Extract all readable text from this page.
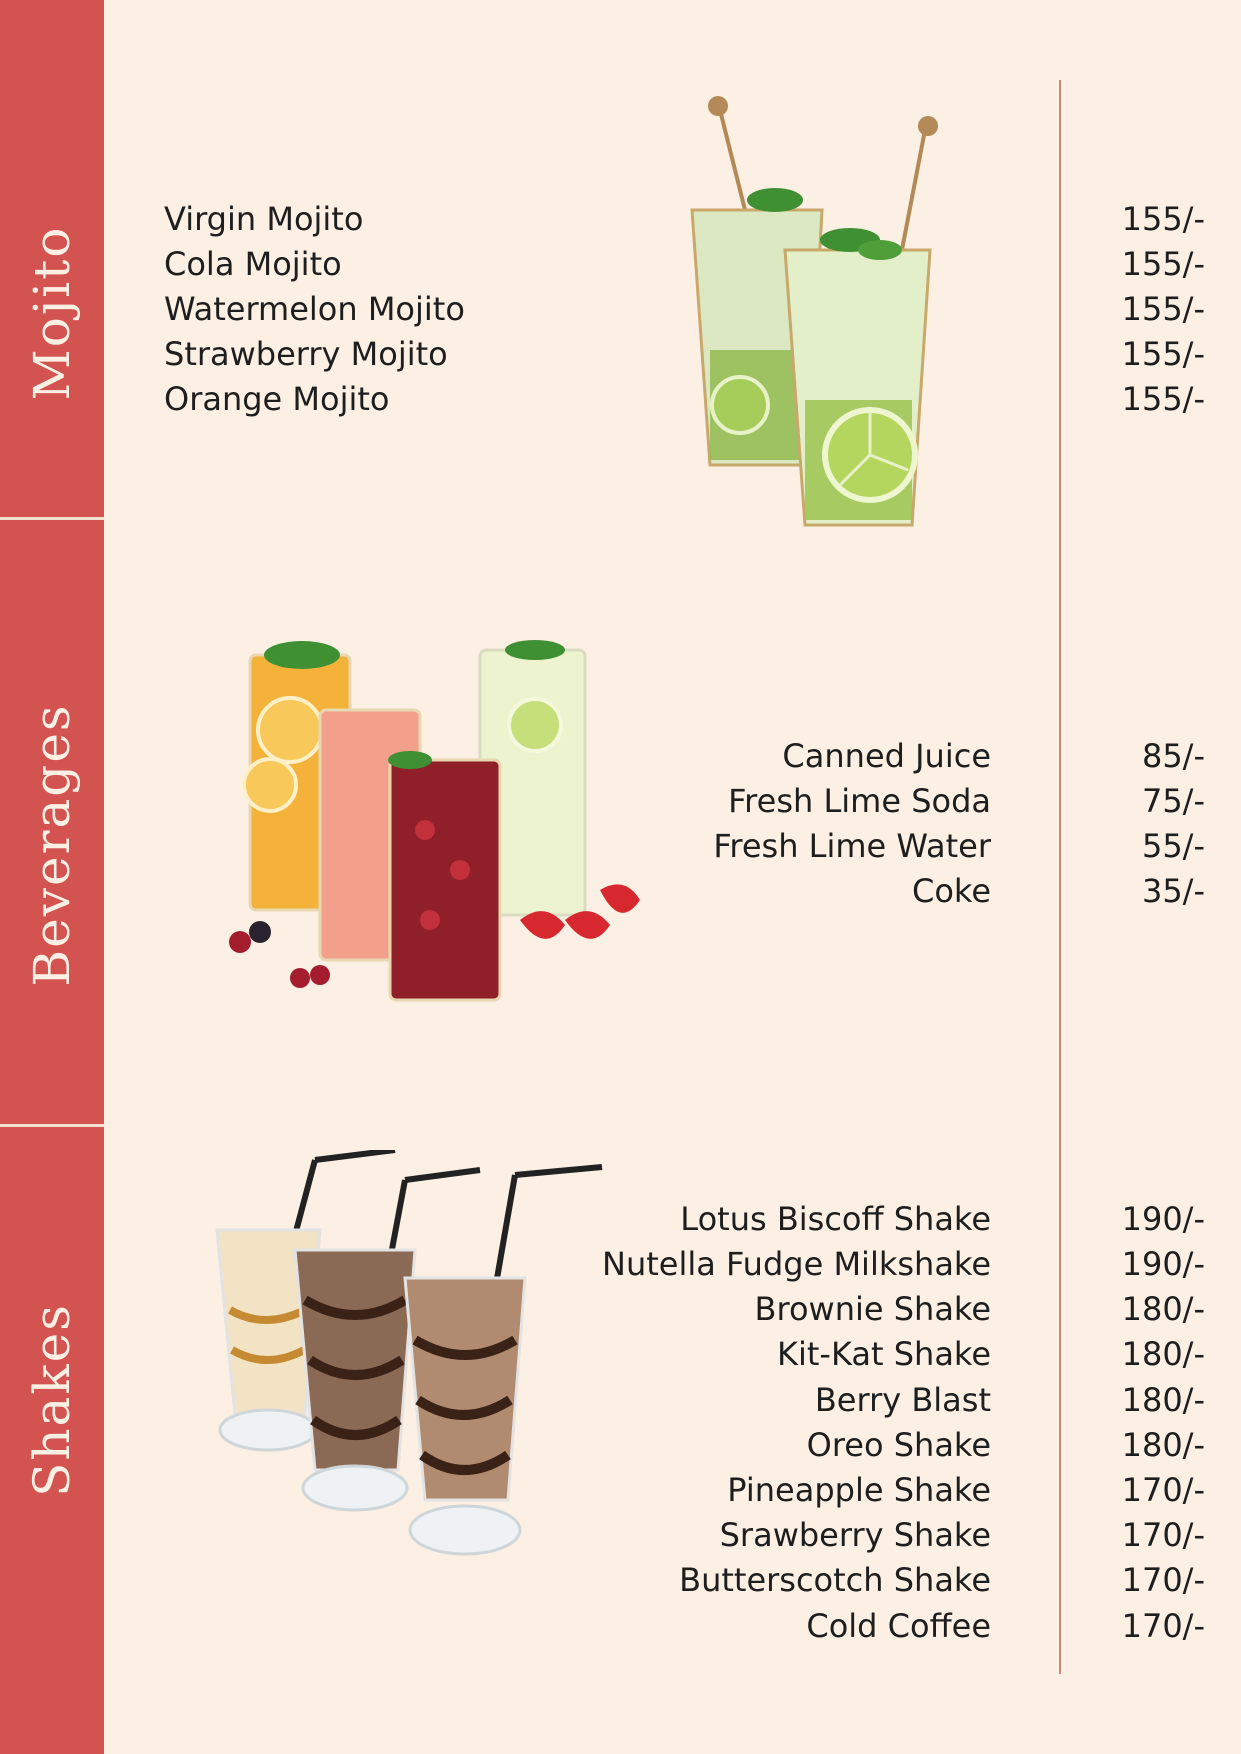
Mojito
Beverages
Shakes
Virgin Mojito
Cola Mojito
Watermelon Mojito
Strawberry Mojito
Orange Mojito
155/-
155/-
155/-
155/-
155/-
Canned Juice
Fresh Lime Soda
Fresh Lime Water
Coke
85/-
75/-
55/-
35/-
Lotus Biscoff Shake
Nutella Fudge Milkshake
Brownie Shake
Kit-Kat Shake
Berry Blast
Oreo Shake
Pineapple Shake
Srawberry Shake
Butterscotch Shake
Cold Coffee
190/-
190/-
180/-
180/-
180/-
180/-
170/-
170/-
170/-
170/-
